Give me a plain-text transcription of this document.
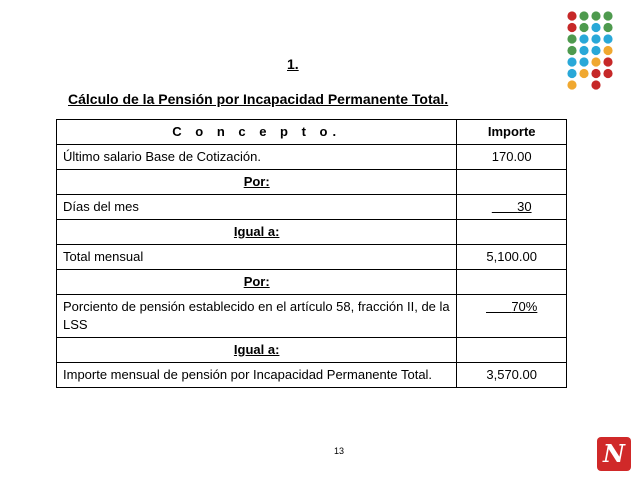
1.
Cálculo de la Pensión por Incapacidad Permanente Total.
C o n c e p t o.	Importe
Último salario Base de Cotización.	170.00
Por:	
Días del mes	30
Igual a:	
Total mensual	5,100.00
Por:	
Porciento de pensión establecido en el artículo 58, fracción II, de la LSS	70%
Igual a:	
Importe mensual de pensión por Incapacidad Permanente Total.	3,570.00
13	N
